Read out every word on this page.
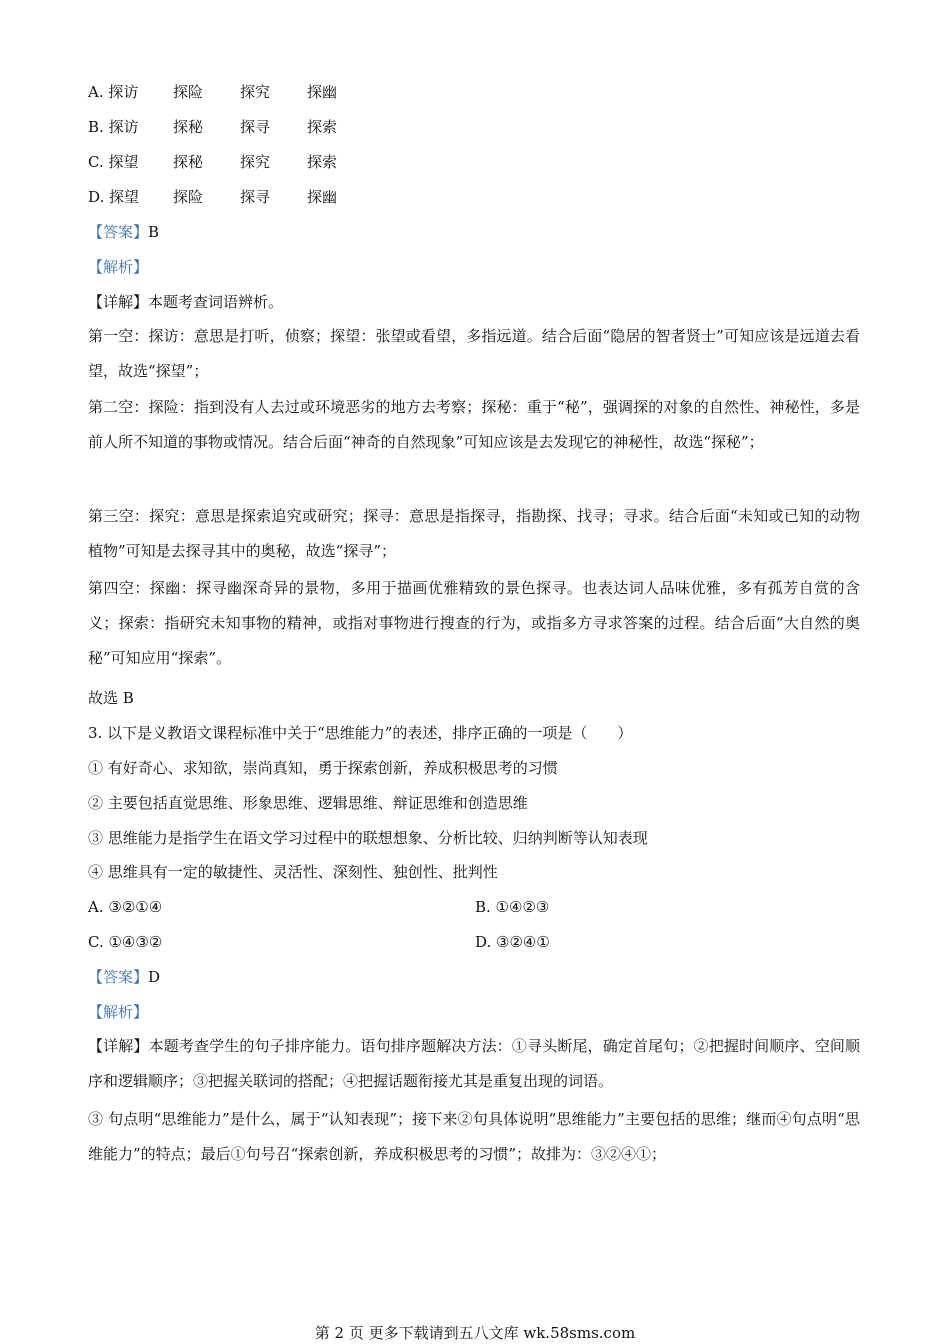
A. 探访 探险 探究 探幽
B. 探访 探秘 探寻 探索
C. 探望 探秘 探究 探索
D. 探望 探险 探寻 探幽
【答案】B
【解析】
【详解】本题考查词语辨析。
第一空：探访：意思是打听，侦察；探望：张望或看望，多指远道。结合后面“隐居的智者贤士”可知应该是远道去看望，故选“探望”；
第二空：探险：指到没有人去过或环境恶劣的地方去考察；探秘：重于“秘”，强调探的对象的自然性、神秘性，多是前人所不知道的事物或情况。结合后面“神奇的自然现象”可知应该是去发现它的神秘性，故选“探秘”；
第三空：探究：意思是探索追究或研究；探寻：意思是指探寻，指勘探、找寻；寻求。结合后面“未知或已知的动物植物”可知是去探寻其中的奥秘，故选“探寻”；
第四空：探幽：探寻幽深奇异的景物，多用于描画优雅精致的景色探寻。也表达词人品味优雅，多有孤芳自赏的含义；探索：指研究未知事物的精神，或指对事物进行搜查的行为，或指多方寻求答案的过程。结合后面“大自然的奥秘”可知应用“探索”。
故选 B
3. 以下是义教语文课程标准中关于“思维能力”的表述，排序正确的一项是（　　）
① 有好奇心、求知欲，崇尚真知，勇于探索创新，养成积极思考的习惯
② 主要包括直觉思维、形象思维、逻辑思维、辩证思维和创造思维
③ 思维能力是指学生在语文学习过程中的联想想象、分析比较、归纳判断等认知表现
④ 思维具有一定的敏捷性、灵活性、深刻性、独创性、批判性
A. ③②①④	B. ①④②③
C. ①④③②	D. ③②④①
【答案】D
【解析】
【详解】本题考查学生的句子排序能力。语句排序题解决方法：①寻头断尾，确定首尾句；②把握时间顺序、空间顺序和逻辑顺序；③把握关联词的搭配；④把握话题衔接尤其是重复出现的词语。
③ 句点明“思维能力”是什么，属于“认知表现”；接下来②句具体说明“思维能力”主要包括的思维；继而④句点明“思维能力”的特点；最后①句号召“探索创新，养成积极思考的习惯”；故排为：③②④①；
第 2 页 更多下载请到五八文库 wk.58sms.com
